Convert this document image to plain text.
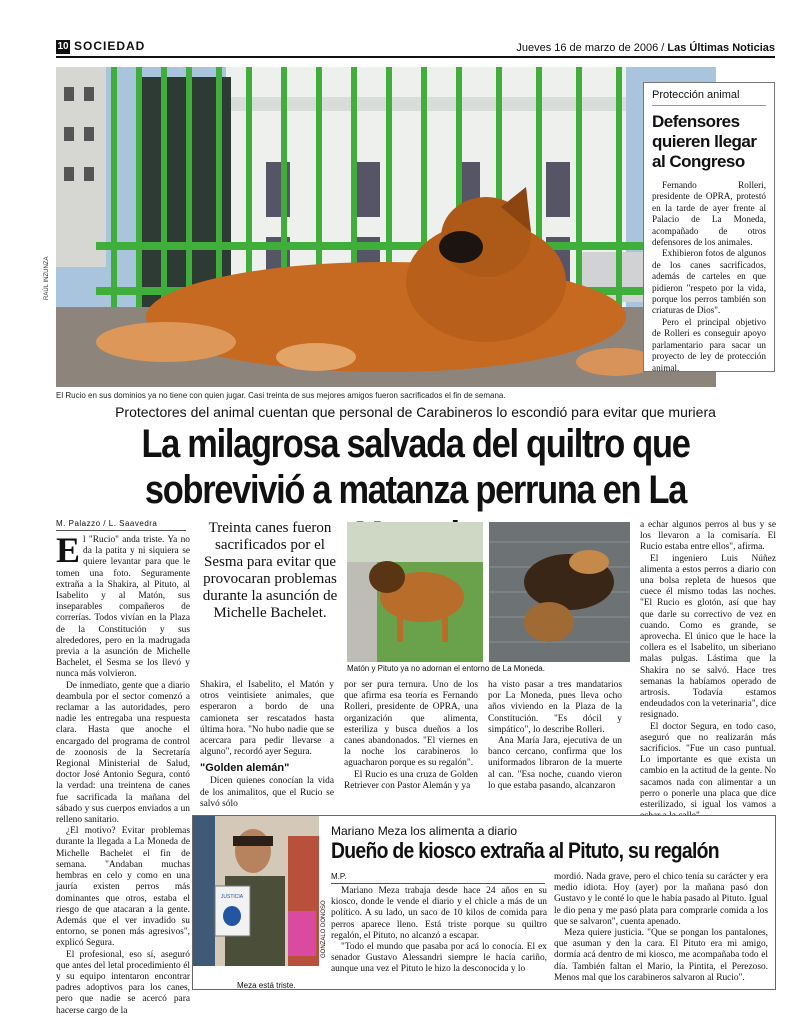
10 SOCIEDAD	Jueves 16 de marzo de 2006 / Las Últimas Noticias
RAÚL INZUNZA
El Rucio en sus dominios ya no tiene con quien jugar. Casi treinta de sus mejores amigos fueron sacrificados el fin de semana.
Protección animal
Defensores quieren llegar al Congreso

Fernando Rolleri, presidente de OPRA, protestó en la tarde de ayer frente al Palacio de La Moneda, acompañado de otros defensores de los animales.

Exhibieron fotos de algunos de los canes sacrificados, además de carteles en que pidieron "respeto por la vida, porque los perros también son criaturas de Dios".

Pero el principal objetivo de Rolleri es conseguir apoyo parlamentario para sacar un proyecto de ley de protección animal.

Protectores del animal cuentan que personal de Carabineros lo escondió para evitar que muriera
La milagrosa salvada del quiltro que
sobrevivió a matanza perruna en La
M. Palazzo / L. Saavedra

El "Rucio" anda triste. Ya no da la patita y ni siquiera se quiere levantar para que le tomen una foto. Seguramente extraña a la Shakira, al Pituto, al Isabelito y al Matón, sus inseparables compañeros de correrías. Todos vivían en la Plaza de la Constitución y sus alrededores, pero en la madrugada previa a la asunción de Michelle Bachelet, el Sesma se los llevó y nunca más volvieron.

De inmediato, gente que a diario deambula por el sector comenzó a reclamar a las autoridades, pero nadie les entregaba una respuesta clara. Hasta que anoche el encargado del programa de control de zoonosis de la Secretaría Regional Ministerial de Salud, doctor José Antonio Segura, contó la verdad: una treintena de canes fue sacrificada la mañana del sábado y sus cuerpos enviados a un relleno sanitario.

¿El motivo? Evitar problemas durante la llegada a La Moneda de Michelle Bachelet el fin de semana. "Andaban muchas hembras en celo y como en una jauría existen perros más dominantes que otros, estaba el riesgo de que atacaran a la gente. Además que el ver invadido su entorno, se ponen más agresivos", explicó Segura.

El profesional, eso sí, aseguró que antes del letal procedimiento él y su equipo intentaron encontrar padres adoptivos para los canes, pero que nadie se acercó para hacerse cargo de la

Treinta canes fueron sacrificados por el Sesma para evitar que provocaran problemas durante la asunción de Michelle Bachelet.
Matón y Pituto ya no adornan el entorno de La Moneda.

Shakira, el Isabelito, el Matón y otros veintisiete animales, que esperaron a bordo de una camioneta ser rescatados hasta última hora. "No hubo nadie que se acercara para pedir llevarse a alguno", recordó ayer Segura.

"Golden alemán"

Dicen quienes conocían la vida de los animalitos, que el Rucio se salvó sólo

por ser pura ternura. Uno de los que afirma esa teoría es Fernando Rolleri, presidente de OPRA, una organización que alimenta, esteriliza y busca dueños a los canes abandonados. "El viernes en la noche los carabineros lo aguacharon porque es su regalón".

El Rucio es una cruza de Golden Retriever con Pastor Alemán y ya

ha visto pasar a tres mandatarios por La Moneda, pues lleva ocho años viviendo en la Plaza de la Constitución. "Es dócil y simpático", lo describe Rolleri.

Ana María Jara, ejecutiva de un banco cercano, confirma que los uniformados libraron de la muerte al can. "Esa noche, cuando vieron lo que estaba pasando, alcanzaron

a echar algunos perros al bus y se los llevaron a la comisaría. El Rucio estaba entre ellos", afirma.

El ingeniero Luis Núñez alimenta a estos perros a diario con una bolsa repleta de huesos que cuece él mismo todas las noches. "El Rucio es glotón, así que hay que darle su correctivo de vez en cuando. Como es grande, se aprovecha. El único que le hace la collera es el Isabelito, un siberiano malas pulgas. Lástima que la Shakira no se salvó. Hace tres semanas la habíamos operado de artrosis. Todavía estamos endeudados con la veterinaria", dice resignado.

El doctor Segura, en todo caso, aseguró que no realizarán más sacrificios. "Fue un caso puntual. Lo importante es que exista un cambio en la actitud de la gente. No sacamos nada con alimentar a un perro o ponerle una placa que dice esterilizado, si igual los vamos a

Mariano Meza los alimenta a diario
Dueño de kiosco extraña al Pituto, su regalón
M.P.

Mariano Meza trabaja desde hace 24 años en su kiosco, donde le vende el diario y el chicle a más de un político. A su lado, un saco de 10 kilos de comida para perros aparece lleno. Está triste porque su quiltro regalón, el Pituto, no alcanzó a escapar.

"Todo el mundo que pasaba por acá lo conocía. El ex senador Gustavo Alessandri siempre le hacía cariño, aunque una vez el Pituto le hizo la desconocida y lo

mordió. Nada grave, pero el chico tenía su carácter y era medio idiota. Hoy (ayer) por la mañana pasó don Gustavo y le conté lo que le había pasado al Pituto. Igual le dio pena y me pasó plata para comprarle comida a los que se salvaron", cuenta apenado.

Meza quiere justicia. "Que se pongan los pantalones, que asuman y den la cara. El Pituto era mi amigo, dormía acá dentro de mi kiosco, me acompañaba todo el día. También faltan el Mario, la Pintita, el Perezoso. Menos mal que los carabineros salvaron al Rucio".

JUSTICIA
GONZALO DONOSO
Meza está triste.
